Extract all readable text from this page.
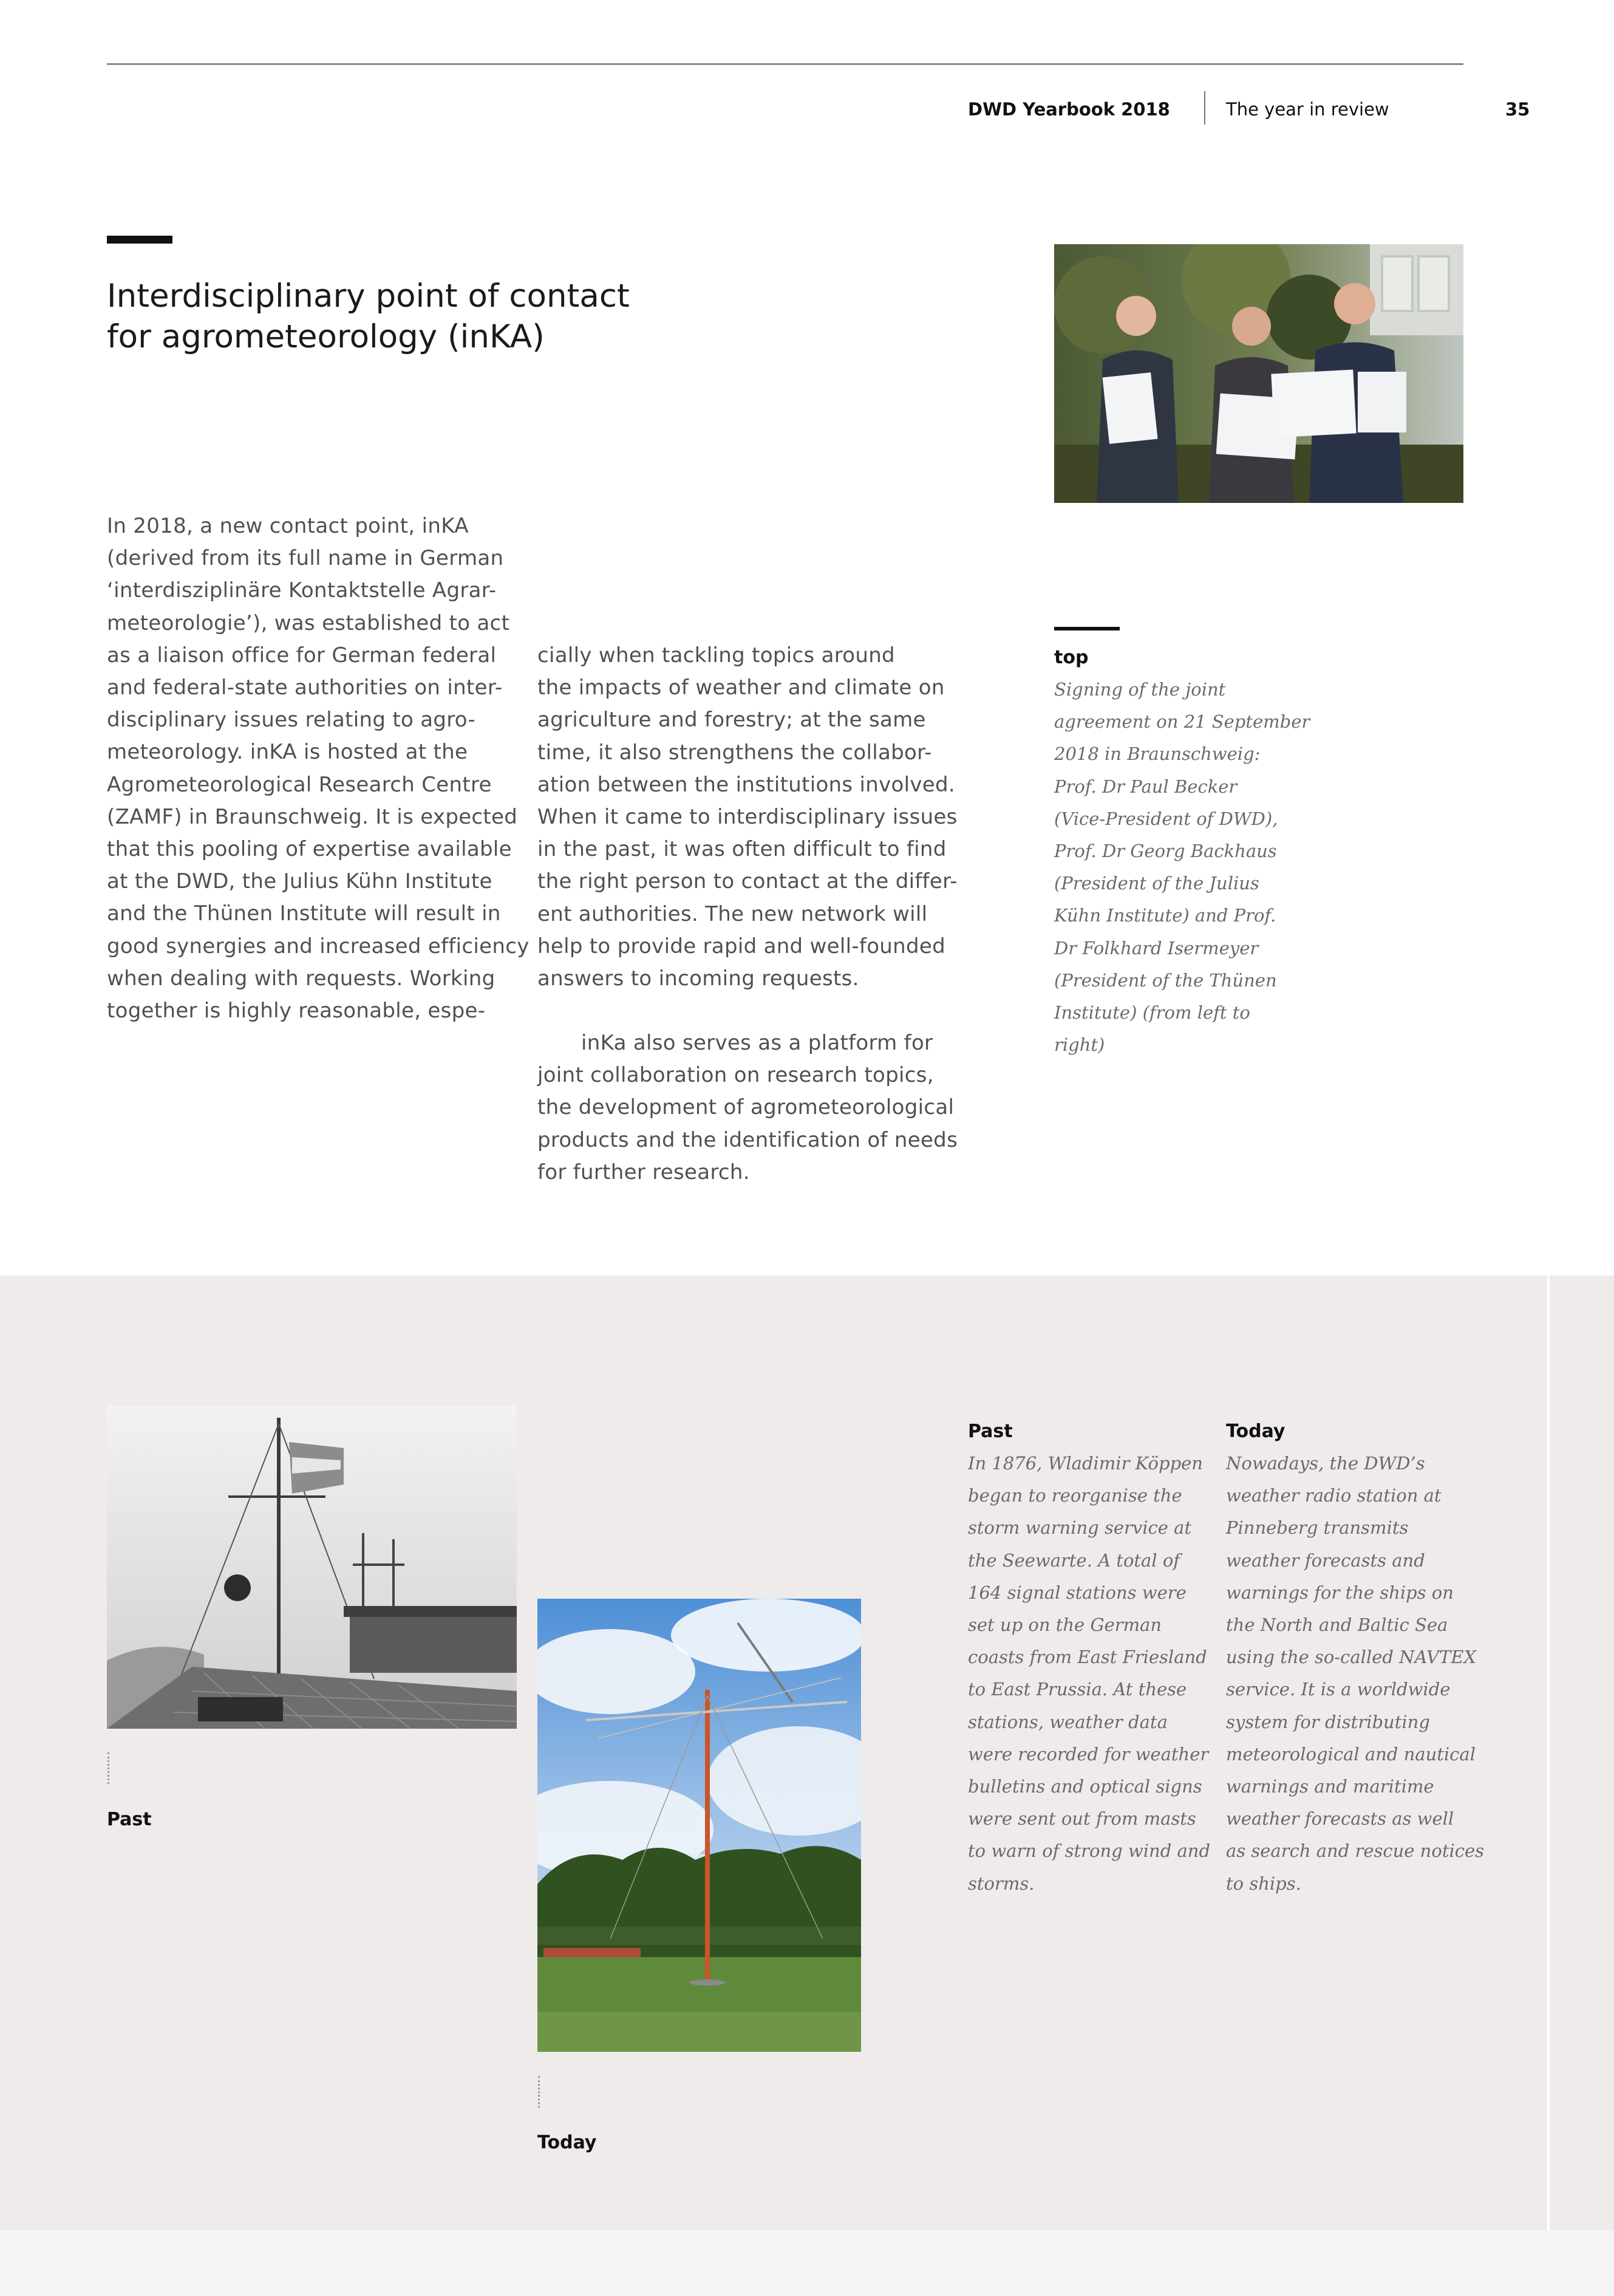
DWD Yearbook 2018	The year in review	35
Interdisciplinary point of contact
for agrometeorology (inKA)
In 2018, a new contact point, inKA
(derived from its full name in German
‘interdisziplinäre Kontaktstelle Agrar-
meteorologie’), was established to act
as a liaison office for German federal
and federal-state authorities on inter-
disciplinary issues relating to agro-
meteorology. inKA is hosted at the
Agrometeorological Research Centre
(ZAMF) in Braunschweig. It is expected
that this pooling of expertise available
at the DWD, the Julius Kühn Institute
and the Thünen Institute will result in
good synergies and increased efficiency
when dealing with requests. Working
together is highly reasonable, espe-
cially when tackling topics around
the impacts of weather and climate on
agriculture and forestry; at the same
time, it also strengthens the collabor-
ation between the institutions involved.
When it came to interdisciplinary issues
in the past, it was often difficult to find
the right person to contact at the differ-
ent authorities. The new network will
help to provide rapid and well-founded
answers to incoming requests.
inKa also serves as a platform for
joint collaboration on research topics,
the development of agrometeorological
products and the identification of needs
for further research.
top
Signing of the joint
agreement on 21 September
2018 in Braunschweig:
Prof. Dr Paul Becker
(Vice-President of DWD),
Prof. Dr Georg Backhaus
(President of the Julius
Kühn Institute) and Prof.
Dr Folkhard Isermeyer
(President of the Thünen
Institute) (from left to
right)
Past
Today
Past
In 1876, Wladimir Köppen
began to reorganise the
storm warning service at
the Seewarte. A total of
164 signal stations were
set up on the German
coasts from East Friesland
to East Prussia. At these
stations, weather data
were recorded for weather
bulletins and optical signs
were sent out from masts
to warn of strong wind and
storms.
Today
Nowadays, the DWD’s
weather radio station at
Pinneberg transmits
weather forecasts and
warnings for the ships on
the North and Baltic Sea
using the so-called NAVTEX
service. It is a worldwide
system for distributing
meteorological and nautical
warnings and maritime
weather forecasts as well
as search and rescue notices
to ships.
